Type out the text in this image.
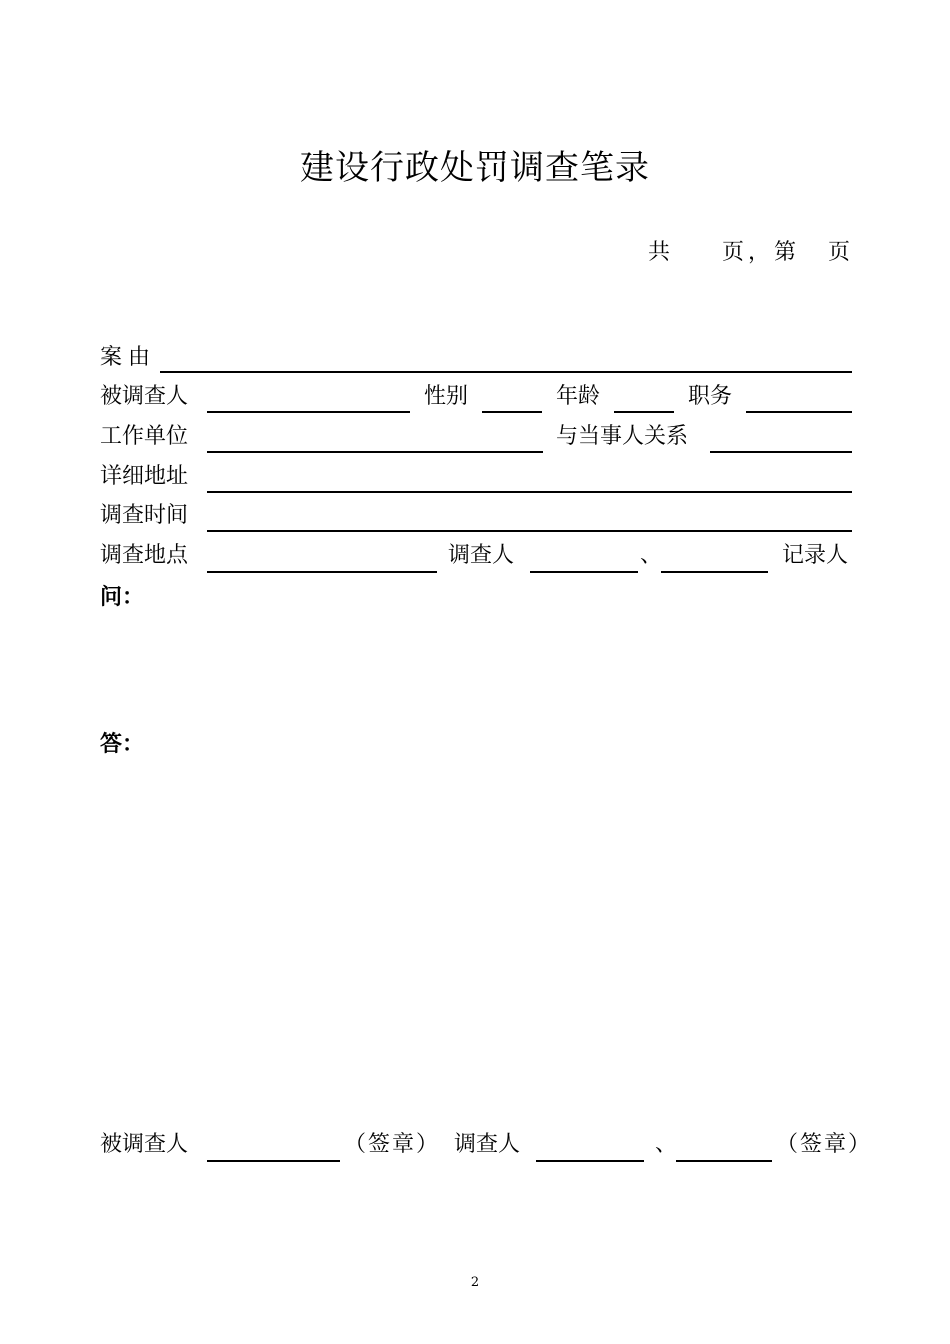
建设行政处罚调查笔录
共 页，第 页
案由
被调查人	性别	年龄	职务
工作单位	与当事人关系
详细地址
调查时间
调查地点	调查人	、	记录人
问：
答：
被调查人	（签章） 调查人	、	（签章）
2
